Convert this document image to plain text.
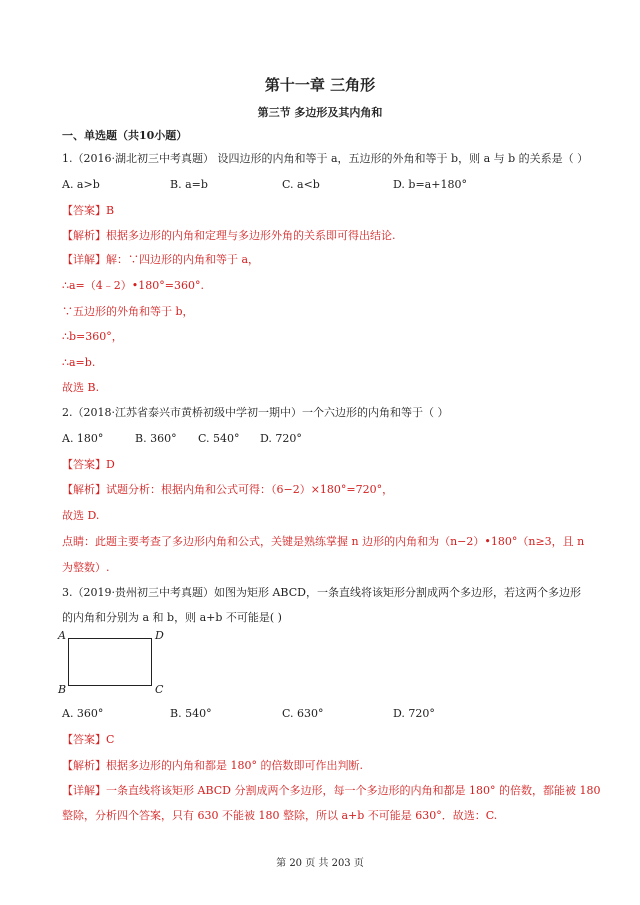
第十一章 三角形
第三节 多边形及其内角和
一、单选题（共10小题）
1.（2016·湖北初三中考真题） 设四边形的内角和等于 a，五边形的外角和等于 b，则 a 与 b 的关系是（ ）
A. a>b	B. a=b	C. a<b	D. b=a+180°
【答案】B
【解析】根据多边形的内角和定理与多边形外角的关系即可得出结论.
【详解】解：∵四边形的内角和等于 a，
∴a=（4﹣2）•180°=360°.
∵五边形的外角和等于 b，
∴b=360°，
∴a=b.
故选 B.
2.（2018·江苏省泰兴市黄桥初级中学初一期中）一个六边形的内角和等于（ ）
A. 180°	B. 360° C. 540° D. 720°
【答案】D
【解析】试题分析：根据内角和公式可得：（6−2）×180°=720°，
故选 D.
点睛：此题主要考查了多边形内角和公式，关键是熟练掌握 n 边形的内角和为（n−2）•180°（n≥3，且 n
为整数）.
3.（2019·贵州初三中考真题）如图为矩形 ABCD，一条直线将该矩形分割成两个多边形，若这两个多边形
的内角和分别为 a 和 b，则 a+b 不可能是( )
A	D
B	C
A. 360°	B. 540°	C. 630°	D. 720°
【答案】C
【解析】根据多边形的内角和都是 180° 的倍数即可作出判断.
【详解】一条直线将该矩形 ABCD 分割成两个多边形，每一个多边形的内角和都是 180° 的倍数，都能被 180
整除，分析四个答案，只有 630 不能被 180 整除，所以 a+b 不可能是 630°．故选：C.
第 20 页 共 203 页
